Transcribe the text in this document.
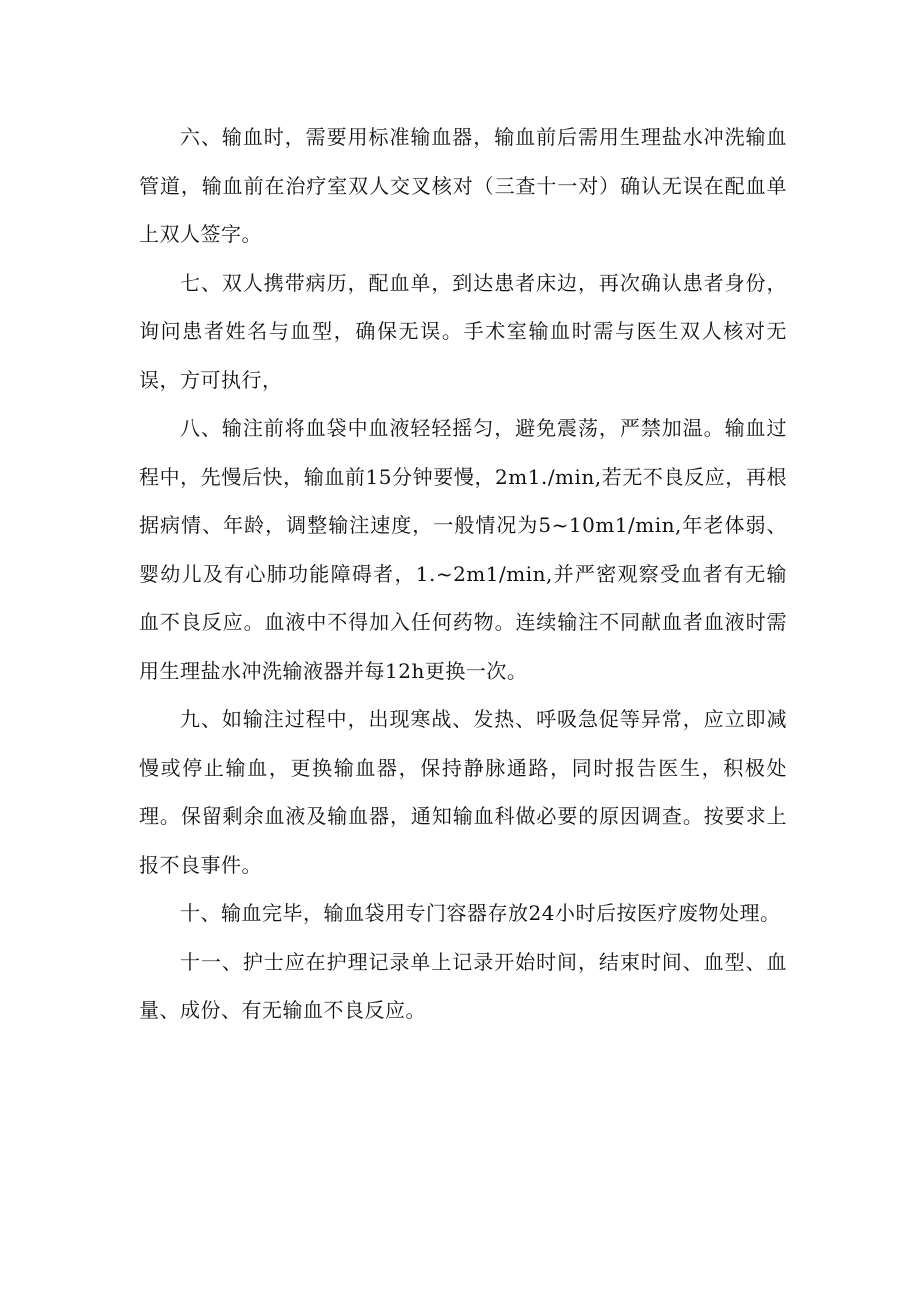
六、输血时，需要用标准输血器，输血前后需用生理盐水冲洗输血管道，输血前在治疗室双人交叉核对（三查十一对）确认无误在配血单上双人签字。

七、双人携带病历，配血单，到达患者床边，再次确认患者身份，询问患者姓名与血型，确保无误。手术室输血时需与医生双人核对无误，方可执行，

八、输注前将血袋中血液轻轻摇匀，避免震荡，严禁加温。输血过程中，先慢后快，输血前15分钟要慢，2m1./min,若无不良反应，再根据病情、年龄，调整输注速度，一般情况为5~10m1∕min,年老体弱、婴幼儿及有心肺功能障碍者，1.~2m1∕min,并严密观察受血者有无输血不良反应。血液中不得加入任何药物。连续输注不同献血者血液时需用生理盐水冲洗输液器并每12h更换一次。

九、如输注过程中，出现寒战、发热、呼吸急促等异常，应立即减慢或停止输血，更换输血器，保持静脉通路，同时报告医生，积极处理。保留剩余血液及输血器，通知输血科做必要的原因调查。按要求上报不良事件。

十、输血完毕，输血袋用专门容器存放24小时后按医疗废物处理。

十一、护士应在护理记录单上记录开始时间，结束时间、血型、血量、成份、有无输血不良反应。
